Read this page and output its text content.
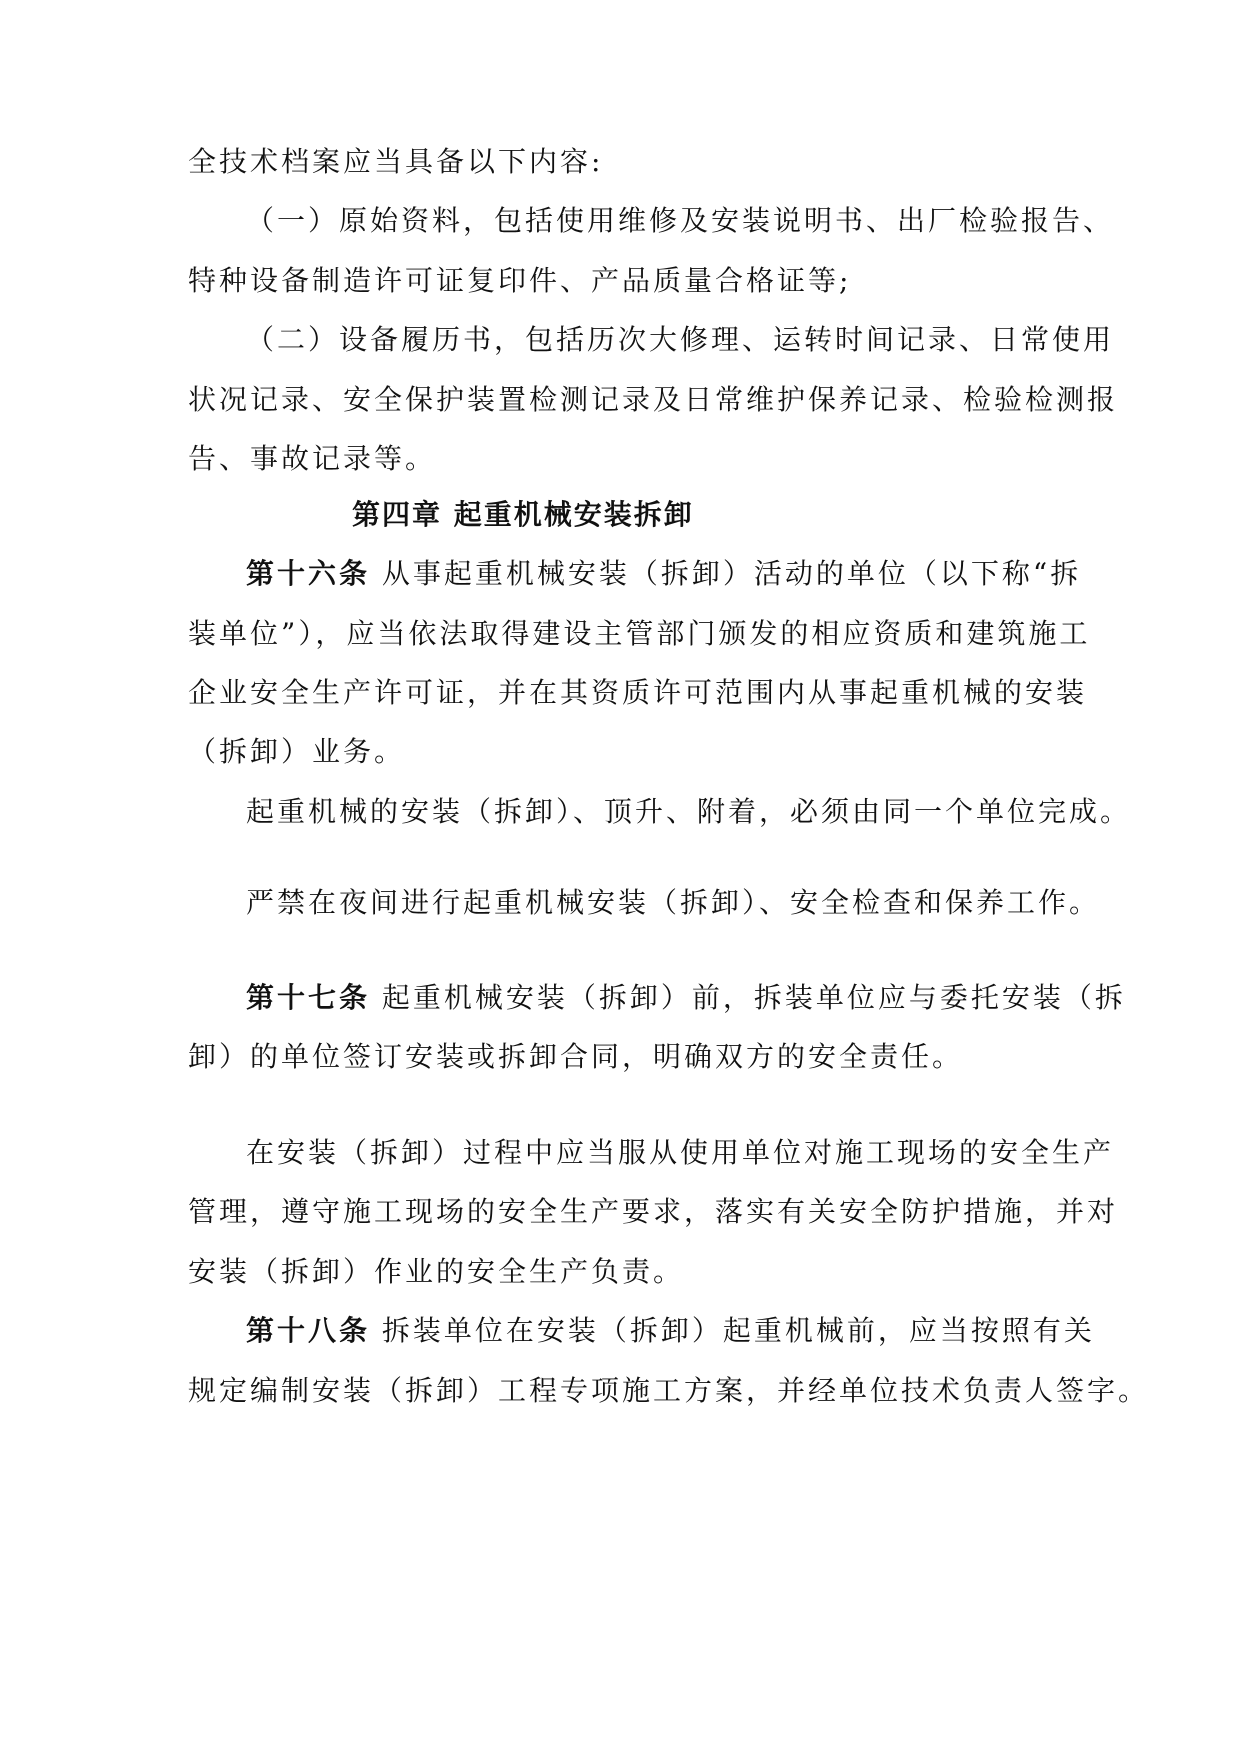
全技术档案应当具备以下内容:
（一）原始资料，包括使用维修及安装说明书、出厂检验报告、
特种设备制造许可证复印件、产品质量合格证等;
（二）设备履历书，包括历次大修理、运转时间记录、日常使用
状况记录、安全保护装置检测记录及日常维护保养记录、检验检测报
告、事故记录等。
第四章 起重机械安装拆卸
第十六条 从事起重机械安装（拆卸）活动的单位（以下称“拆
装单位”），应当依法取得建设主管部门颁发的相应资质和建筑施工
企业安全生产许可证，并在其资质许可范围内从事起重机械的安装
（拆卸）业务。
起重机械的安装（拆卸）、顶升、附着，必须由同一个单位完成。
严禁在夜间进行起重机械安装（拆卸）、安全检查和保养工作。
第十七条 起重机械安装（拆卸）前，拆装单位应与委托安装（拆
卸）的单位签订安装或拆卸合同，明确双方的安全责任。
在安装（拆卸）过程中应当服从使用单位对施工现场的安全生产
管理，遵守施工现场的安全生产要求，落实有关安全防护措施，并对
安装（拆卸）作业的安全生产负责。
第十八条 拆装单位在安装（拆卸）起重机械前，应当按照有关
规定编制安装（拆卸）工程专项施工方案，并经单位技术负责人签字。
